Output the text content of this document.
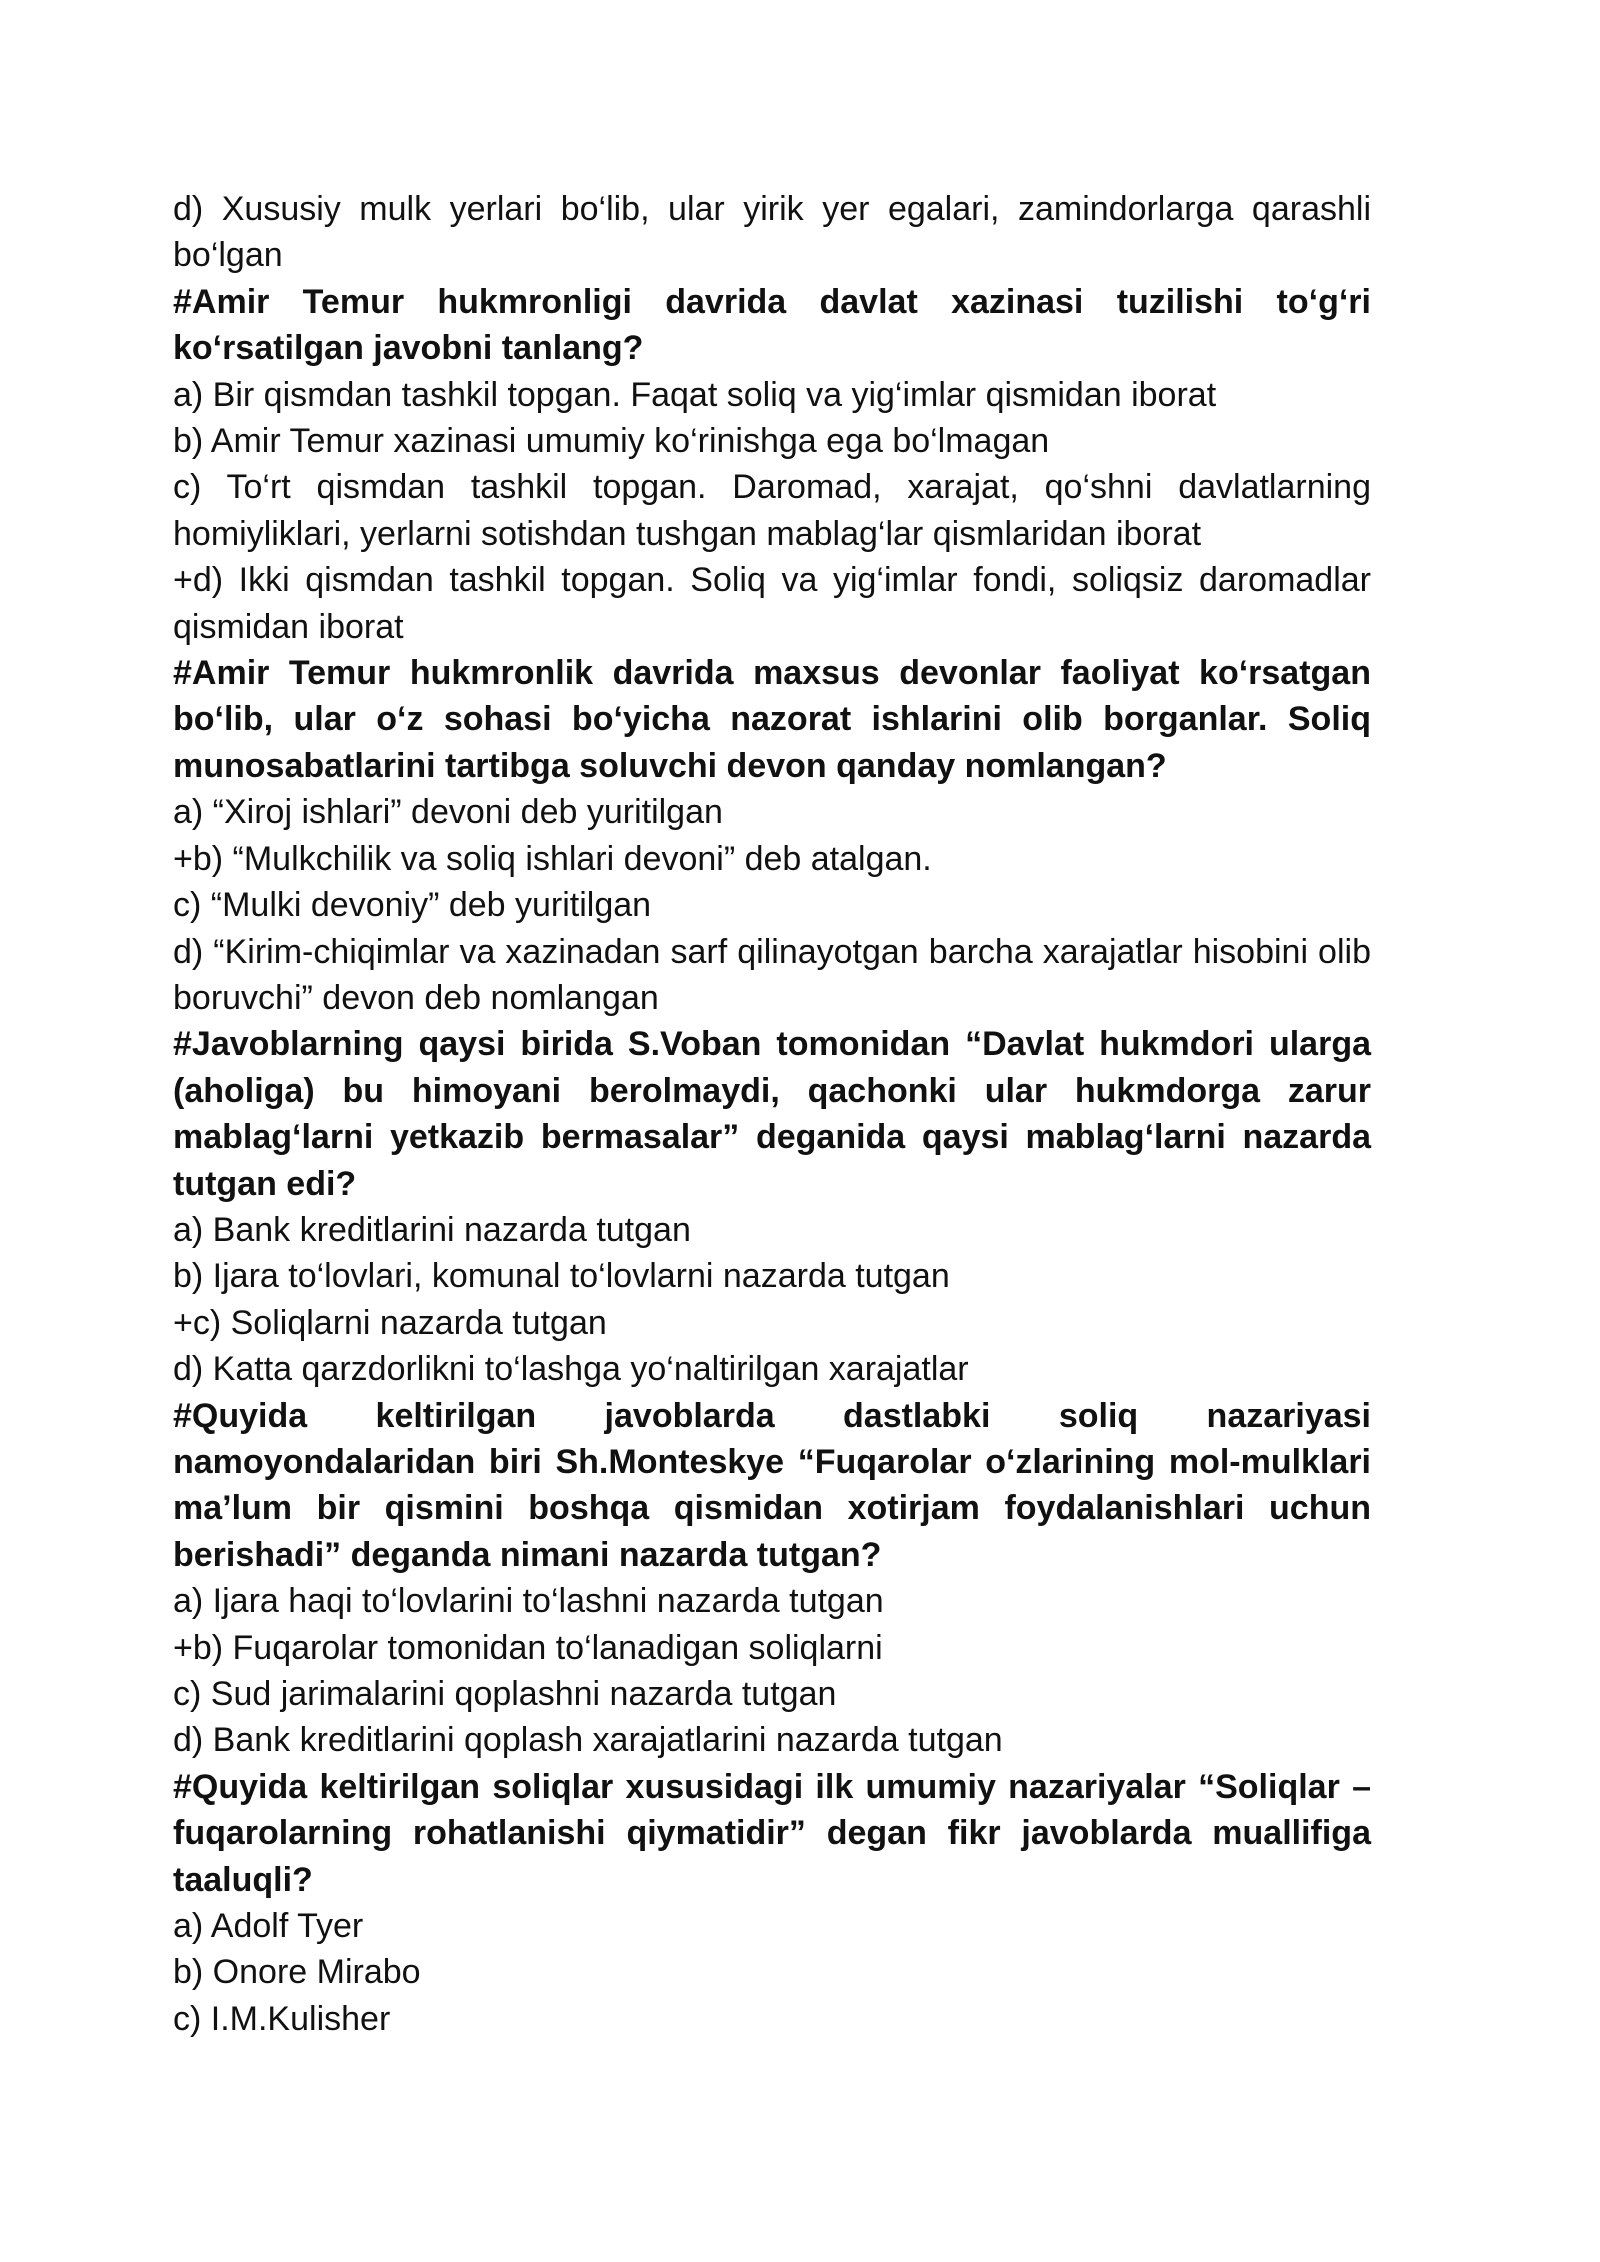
d) Xususiy mulk yerlari bo‘lib, ular yirik yer egalari, zamindorlarga qarashli bo‘lgan

#Amir Temur hukmronligi davrida davlat xazinasi tuzilishi to‘g‘ri ko‘rsatilgan javobni tanlang?

a) Bir qismdan tashkil topgan. Faqat soliq va yig‘imlar qismidan iborat

b) Amir Temur xazinasi umumiy ko‘rinishga ega bo‘lmagan

c) To‘rt qismdan tashkil topgan. Daromad, xarajat, qo‘shni davlatlarning homiyliklari, yerlarni sotishdan tushgan mablag‘lar qismlaridan iborat

+d) Ikki qismdan tashkil topgan. Soliq va yig‘imlar fondi, soliqsiz daromadlar qismidan iborat

#Amir Temur hukmronlik davrida maxsus devonlar faoliyat ko‘rsatgan bo‘lib, ular o‘z sohasi bo‘yicha nazorat ishlarini olib borganlar. Soliq munosabatlarini tartibga soluvchi devon qanday nomlangan?

a) “Xiroj ishlari” devoni deb yuritilgan

+b) “Mulkchilik va soliq ishlari devoni” deb atalgan.

c) “Mulki devoniy” deb yuritilgan

d) “Kirim-chiqimlar va xazinadan sarf qilinayotgan barcha xarajatlar hisobini olib boruvchi” devon deb nomlangan

#Javoblarning qaysi birida S.Voban tomonidan “Davlat hukmdori ularga (aholiga) bu himoyani berolmaydi, qachonki ular hukmdorga zarur mablag‘larni yetkazib bermasalar” deganida qaysi mablag‘larni nazarda tutgan edi?

a) Bank kreditlarini nazarda tutgan

b) Ijara to‘lovlari, komunal to‘lovlarni nazarda tutgan

+c) Soliqlarni nazarda tutgan

d) Katta qarzdorlikni to‘lashga yo‘naltirilgan xarajatlar

#Quyida keltirilgan javoblarda dastlabki soliq nazariyasi namoyondalaridan biri Sh.Monteskye “Fuqarolar o‘zlarining mol-mulklari ma’lum bir qismini boshqa qismidan xotirjam foydalanishlari uchun berishadi” deganda nimani nazarda tutgan?

a) Ijara haqi to‘lovlarini to‘lashni nazarda tutgan

+b) Fuqarolar tomonidan to‘lanadigan soliqlarni

c) Sud jarimalarini qoplashni nazarda tutgan

d) Bank kreditlarini qoplash xarajatlarini nazarda tutgan

#Quyida keltirilgan soliqlar xususidagi ilk umumiy nazariyalar “Soliqlar – fuqarolarning rohatlanishi qiymatidir” degan fikr javoblarda muallifiga taaluqli?

a) Adolf Tyer

b) Onore Mirabo

c) I.M.Kulisher
